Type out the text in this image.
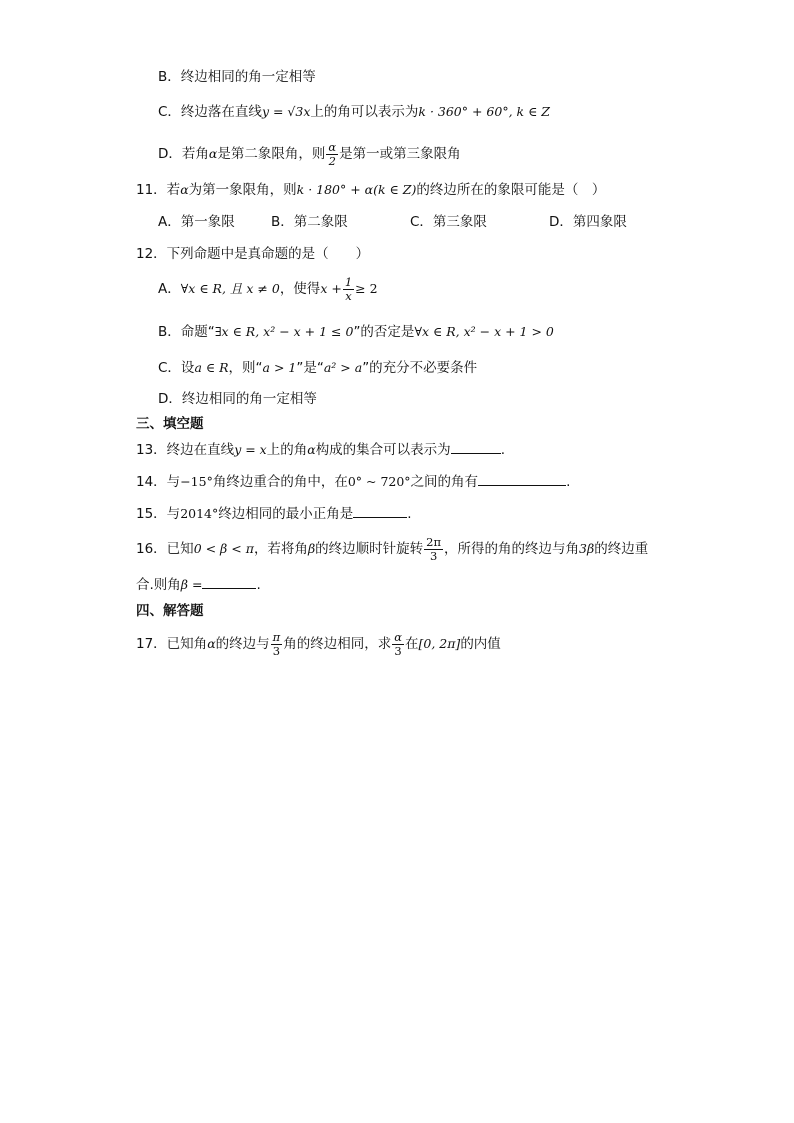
B．终边相同的角一定相等
C．终边落在直线y = √3x上的角可以表示为k · 360° + 60°, k ∈ Z
D．若角α是第二象限角，则 $\frac{\alpha}{2}$ 是第一或第三象限角
11．若α为第一象限角，则k · 180° + α(k ∈ Z)的终边所在的象限可能是（　）
A．第一象限	B．第二象限	C．第三象限	D．第四象限
12．下列命题中是真命题的是（　　）
A．∀x ∈ R, 且 x ≠ 0，使得$x + \frac{1}{x} \ge 2$
B．命题“∃x ∈ R, x² − x + 1 ≤ 0”的否定是∀x ∈ R, x² − x + 1 > 0
C．设a ∈ R，则“a > 1”是“a² > a”的充分不必要条件
D．终边相同的角一定相等
三、填空题
13．终边在直线y = x上的角α构成的集合可以表示为	.
14．与−15°角终边重合的角中，在0° ~ 720°之间的角有	.
15．与2014°终边相同的最小正角是	.
16．已知0 < β < π，若将角β的终边顺时针旋转 $\frac{2\pi}{3}$ ，所得的角的终边与角3β的终边重
合.则角β =	.
四、解答题
17．已知角α的终边与 $\frac{\pi}{3}$ 角的终边相同，求 $\frac{\alpha}{3}$ 在[0, 2π]的内值
